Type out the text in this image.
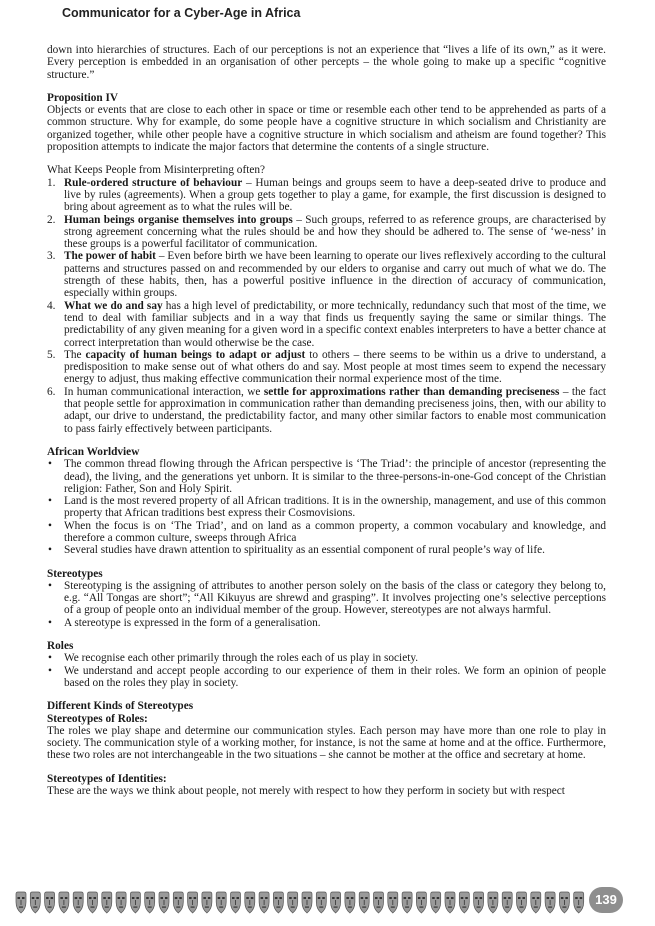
Communicator for a Cyber-Age in Africa

down into hierarchies of structures. Each of our perceptions is not an experience that “lives a life of its own,” as it were. Every perception is embedded in an organisation of other percepts – the whole going to make up a specific “cognitive structure.”

Proposition IV

Objects or events that are close to each other in space or time or resemble each other tend to be apprehended as parts of a common structure. Why for example, do some people have a cognitive structure in which socialism and Christianity are organized together, while other people have a cognitive structure in which socialism and atheism are found together? This proposition attempts to indicate the major factors that determine the contents of a single structure.

What Keeps People from Misinterpreting often?

1. Rule-ordered structure of behaviour – Human beings and groups seem to have a deep-seated drive to produce and live by rules (agreements). When a group gets together to play a game, for example, the first discussion is designed to bring about agreement as to what the rules will be.
2. Human beings organise themselves into groups – Such groups, referred to as reference groups, are characterised by strong agreement concerning what the rules should be and how they should be adhered to. The sense of ‘we-ness’ in these groups is a powerful facilitator of communication.
3. The power of habit – Even before birth we have been learning to operate our lives reflexively according to the cultural patterns and structures passed on and recommended by our elders to organise and carry out much of what we do. The strength of these habits, then, has a powerful positive influence in the direction of accuracy of communication, especially within groups.
4. What we do and say has a high level of predictability, or more technically, redundancy such that most of the time, we tend to deal with familiar subjects and in a way that finds us frequently saying the same or similar things. The predictability of any given meaning for a given word in a specific context enables interpreters to have a better chance at correct interpretation than would otherwise be the case.
5. The capacity of human beings to adapt or adjust to others – there seems to be within us a drive to understand, a predisposition to make sense out of what others do and say. Most people at most times seem to expend the necessary energy to adjust, thus making effective communication their normal experience most of the time.
6. In human communicational interaction, we settle for approximations rather than demanding preciseness – the fact that people settle for approximation in communication rather than demanding preciseness joins, then, with our ability to adapt, our drive to understand, the predictability factor, and many other similar factors to enable most communication to pass fairly effectively between participants.

African Worldview

• The common thread flowing through the African perspective is ‘The Triad’: the principle of ancestor (representing the dead), the living, and the generations yet unborn. It is similar to the three-persons-in-one-God concept of the Christian religion: Father, Son and Holy Spirit.
• Land is the most revered property of all African traditions. It is in the ownership, management, and use of this common property that African traditions best express their Cosmovisions.
• When the focus is on ‘The Triad’, and on land as a common property, a common vocabulary and knowledge, and therefore a common culture, sweeps through Africa
• Several studies have drawn attention to spirituality as an essential component of rural people’s way of life.

Stereotypes

• Stereotyping is the assigning of attributes to another person solely on the basis of the class or category they belong to, e.g. “All Tongas are short”; “All Kikuyus are shrewd and grasping”. It involves projecting one’s selective perceptions of a group of people onto an individual member of the group. However, stereotypes are not always harmful.
• A stereotype is expressed in the form of a generalisation.

Roles

• We recognise each other primarily through the roles each of us play in society.
• We understand and accept people according to our experience of them in their roles. We form an opinion of people based on the roles they play in society.

Different Kinds of Stereotypes

Stereotypes of Roles:

The roles we play shape and determine our communication styles. Each person may have more than one role to play in society. The communication style of a working mother, for instance, is not the same at home and at the office. Furthermore, these two roles are not interchangeable in the two situations – she cannot be mother at the office and secretary at home.

Stereotypes of Identities:

These are the ways we think about people, not merely with respect to how they perform in society but with respect

139
